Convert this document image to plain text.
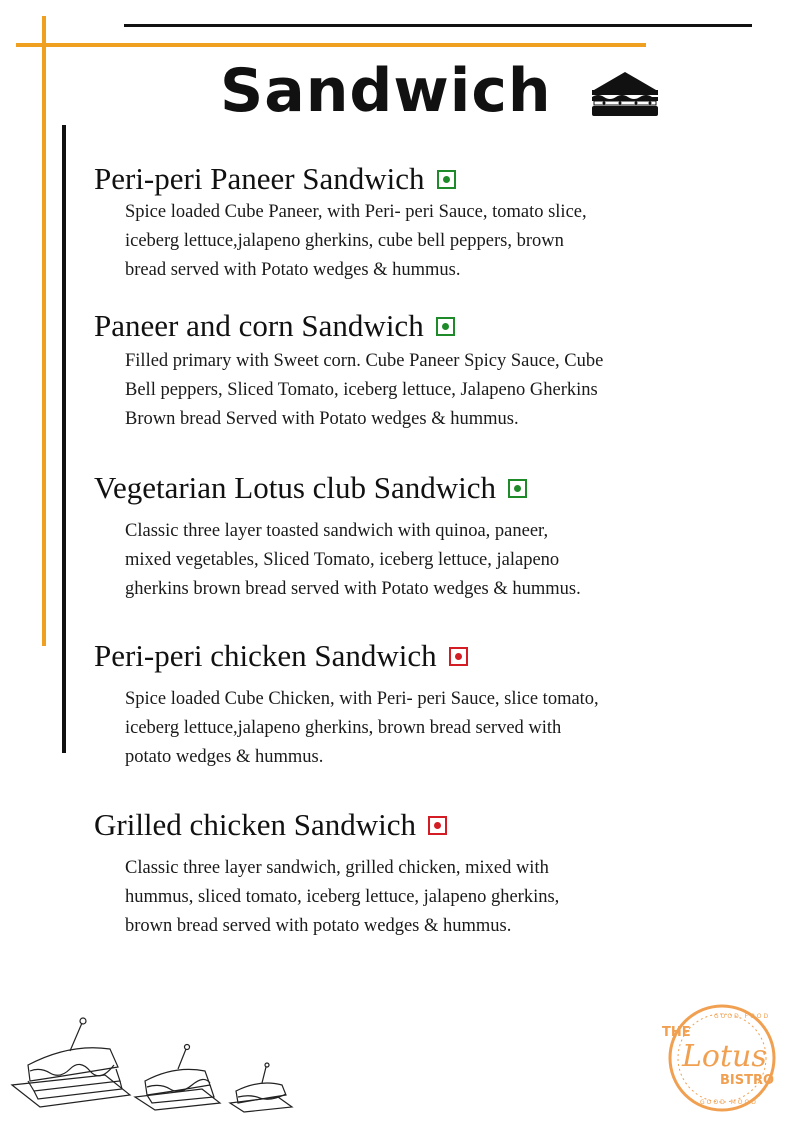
Sandwich
Peri-peri Paneer Sandwich
Spice loaded Cube Paneer, with Peri- peri Sauce, tomato slice,
iceberg lettuce,jalapeno gherkins, cube bell peppers, brown
bread served with Potato wedges & hummus.
Paneer and corn Sandwich
Filled primary with Sweet corn. Cube Paneer Spicy Sauce, Cube
Bell peppers, Sliced Tomato, iceberg lettuce, Jalapeno Gherkins
Brown bread Served with Potato wedges & hummus.
Vegetarian Lotus club Sandwich
Classic three layer toasted sandwich with quinoa, paneer,
mixed vegetables, Sliced Tomato, iceberg lettuce, jalapeno
gherkins brown bread served with Potato wedges & hummus.
Peri-peri chicken Sandwich
Spice loaded Cube Chicken, with Peri- peri Sauce, slice tomato,
iceberg lettuce,jalapeno gherkins, brown bread served with
potato wedges & hummus.
Grilled chicken Sandwich
Classic three layer sandwich, grilled chicken, mixed with
hummus, sliced tomato, iceberg lettuce, jalapeno gherkins,
brown bread served with potato wedges & hummus.
GOOD FOOD
GOOD MOOD
THE
Lotus
BISTRO
